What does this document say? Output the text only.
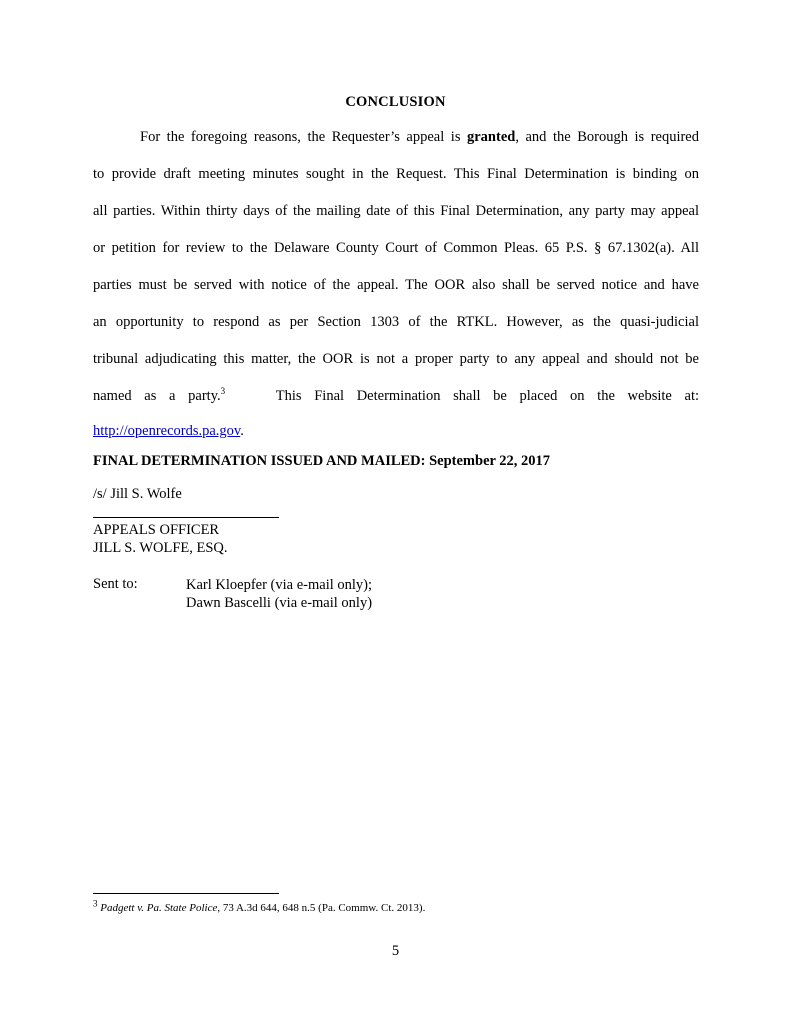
CONCLUSION
For the foregoing reasons, the Requester’s appeal is granted, and the Borough is required
to provide draft meeting minutes sought in the Request. This Final Determination is binding on
all parties. Within thirty days of the mailing date of this Final Determination, any party may appeal
or petition for review to the Delaware County Court of Common Pleas. 65 P.S. § 67.1302(a). All
parties must be served with notice of the appeal. The OOR also shall be served notice and have
an opportunity to respond as per Section 1303 of the RTKL. However, as the quasi-judicial
tribunal adjudicating this matter, the OOR is not a proper party to any appeal and should not be
named as a party.$^3$	This Final Determination shall be placed on the website at:
http://openrecords.pa.gov.
FINAL DETERMINATION ISSUED AND MAILED: September 22, 2017
/s/ Jill S. Wolfe
APPEALS OFFICER
JILL S. WOLFE, ESQ.
Sent to:	Karl Kloepfer (via e-mail only);
Dawn Bascelli (via e-mail only)
$^3$ Padgett v. Pa. State Police, 73 A.3d 644, 648 n.5 (Pa. Commw. Ct. 2013).
5
